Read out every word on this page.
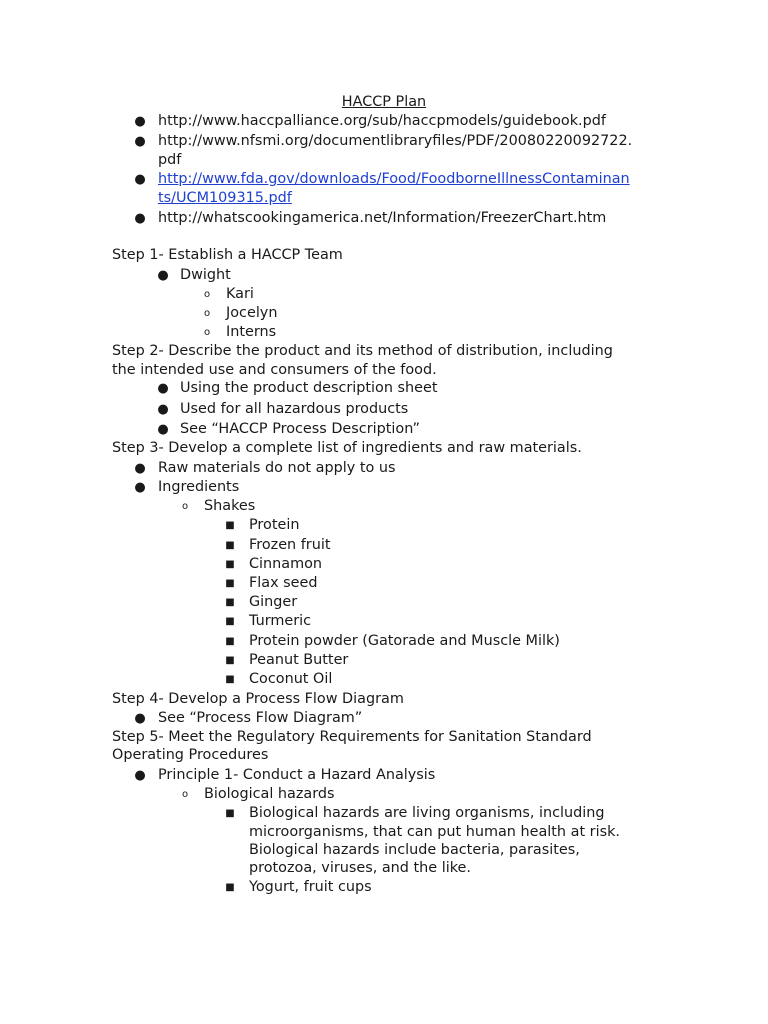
HACCP Plan
● http://www.haccpalliance.org/sub/haccpmodels/guidebook.pdf
● http://www.nfsmi.org/documentlibraryfiles/PDF/20080220092722.
pdf
● http://www.fda.gov/downloads/Food/FoodborneIllnessContaminan
ts/UCM109315.pdf
● http://whatscookingamerica.net/Information/FreezerChart.htm
Step 1- Establish a HACCP Team
● Dwight
o Kari
o Jocelyn
o Interns
Step 2- Describe the product and its method of distribution, including
the intended use and consumers of the food.
● Using the product description sheet
● Used for all hazardous products
● See “HACCP Process Description”
Step 3- Develop a complete list of ingredients and raw materials.
● Raw materials do not apply to us
● Ingredients
o Shakes
■ Protein
■ Frozen fruit
■ Cinnamon
■ Flax seed
■ Ginger
■ Turmeric
■ Protein powder (Gatorade and Muscle Milk)
■ Peanut Butter
■ Coconut Oil
Step 4- Develop a Process Flow Diagram
● See “Process Flow Diagram”
Step 5- Meet the Regulatory Requirements for Sanitation Standard
Operating Procedures
● Principle 1- Conduct a Hazard Analysis
o Biological hazards
■ Biological hazards are living organisms, including
microorganisms, that can put human health at risk.
Biological hazards include bacteria, parasites,
protozoa, viruses, and the like.
■ Yogurt, fruit cups
